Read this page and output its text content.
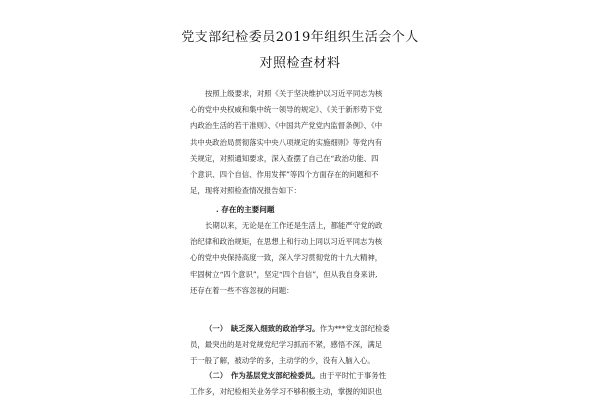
党支部纪检委员2019年组织生活会个人
对照检查材料
按照上级要求，对照《关于坚决维护以习近平同志为核
心的党中央权威和集中统一领导的规定》、《关于新形势下党
内政治生活的若干准则》、《中国共产党党内监督条例》、《中
共中央政治局贯彻落实中央八项规定的实施细则》等党内有
关规定，对照通知要求，深入查摆了自己在“政治功能、四
个意识、四个自信、作用发挥”等四个方面存在的问题和不
足，现将对照检查情况报告如下：
. 存在的主要问题
长期以来，无论是在工作还是生活上，都能严守党的政
治纪律和政治规矩，在思想上和行动上同以习近平同志为核
心的党中央保持高度一致，深入学习贯彻党的十九大精神，
牢固树立“四个意识”，坚定“四个自信”，但从我自身来讲,
还存在着一些不容忽视的问题：
（一）　缺乏深入细致的政治学习。作为***党支部纪检委
员，最突出的是对党规党纪学习抓而不紧，感悟不深，满足
于一般了解，被动学的多，主动学的少，没有入脑入心。
（二）　作为基层党支部纪检委员。由于平时忙于事务性
工作多，对纪检相关业务学习不够积极主动，掌握的知识也
